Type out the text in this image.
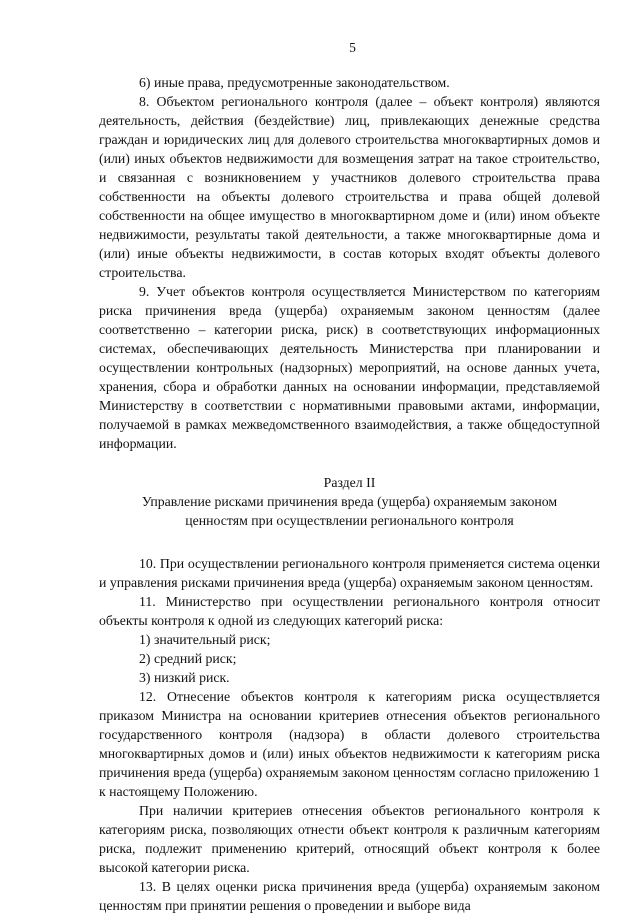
5

6) иные права, предусмотренные законодательством.

8. Объектом регионального контроля (далее – объект контроля) являются деятельность, действия (бездействие) лиц, привлекающих денежные средства граждан и юридических лиц для долевого строительства многоквартирных домов и (или) иных объектов недвижимости для возмещения затрат на такое строительство, и связанная с возникновением у участников долевого строительства права собственности на объекты долевого строительства и права общей долевой собственности на общее имущество в многоквартирном доме и (или) ином объекте недвижимости, результаты такой деятельности, а также многоквартирные дома и (или) иные объекты недвижимости, в состав которых входят объекты долевого строительства.

9. Учет объектов контроля осуществляется Министерством по категориям риска причинения вреда (ущерба) охраняемым законом ценностям (далее соответственно – категории риска, риск) в соответствующих информационных системах, обеспечивающих деятельность Министерства при планировании и осуществлении контрольных (надзорных) мероприятий, на основе данных учета, хранения, сбора и обработки данных на основании информации, представляемой Министерству в соответствии с нормативными правовыми актами, информации, получаемой в рамках межведомственного взаимодействия, а также общедоступной информации.

Раздел II
Управление рисками причинения вреда (ущерба) охраняемым законом
ценностям при осуществлении регионального контроля

10. При осуществлении регионального контроля применяется система оценки и управления рисками причинения вреда (ущерба) охраняемым законом ценностям.

11. Министерство при осуществлении регионального контроля относит объекты контроля к одной из следующих категорий риска:

1) значительный риск;

2) средний риск;

3) низкий риск.

12. Отнесение объектов контроля к категориям риска осуществляется приказом Министра на основании критериев отнесения объектов регионального государственного контроля (надзора) в области долевого строительства многоквартирных домов и (или) иных объектов недвижимости к категориям риска причинения вреда (ущерба) охраняемым законом ценностям согласно приложению 1 к настоящему Положению.

При наличии критериев отнесения объектов регионального контроля к категориям риска, позволяющих отнести объект контроля к различным категориям риска, подлежит применению критерий, относящий объект контроля к более высокой категории риска.

13. В целях оценки риска причинения вреда (ущерба) охраняемым законом ценностям при принятии решения о проведении и выборе вида
